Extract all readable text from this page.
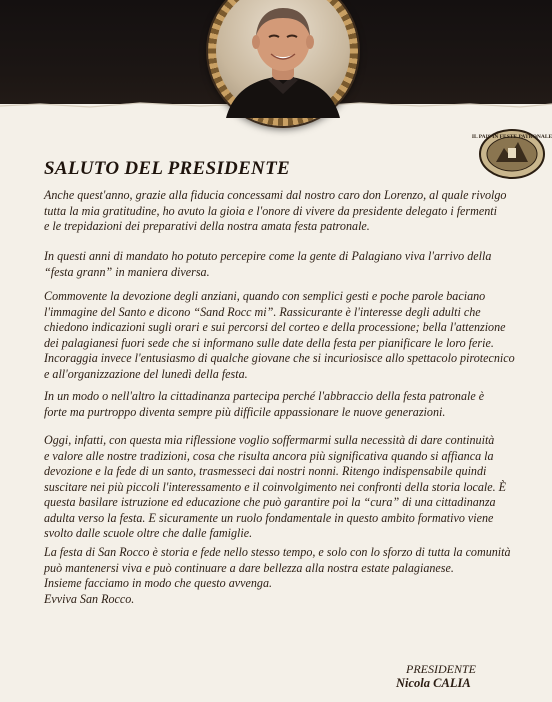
IL PAIS IN FESTE PATRONALE
SALUTO DEL PRESIDENTE

Anche quest'anno, grazie alla fiducia concessami dal nostro caro don Lorenzo, al quale rivolgo
tutta la mia gratitudine, ho avuto la gioia e l'onore di vivere da presidente delegato i fermenti
e le trepidazioni dei preparativi della nostra amata festa patronale.

In questi anni di mandato ho potuto percepire come la gente di Palagiano viva l'arrivo della
“festa grann” in maniera diversa.

Commovente la devozione degli anziani, quando con semplici gesti e poche parole baciano
l'immagine del Santo e dicono “Sand Rocc mi”. Rassicurante è l'interesse degli adulti che
chiedono indicazioni sugli orari e sui percorsi del corteo e della processione; bella l'attenzione
dei palagianesi fuori sede che si informano sulle date della festa per pianificare le loro ferie.
Incoraggia invece l'entusiasmo di qualche giovane che si incuriosisce allo spettacolo pirotecnico
e all'organizzazione del lunedì della festa.

In un modo o nell'altro la cittadinanza partecipa perché l'abbraccio della festa patronale è
forte ma purtroppo diventa sempre più difficile appassionare le nuove generazioni.

Oggi, infatti, con questa mia riflessione voglio soffermarmi sulla necessità di dare continuità
e valore alle nostre tradizioni, cosa che risulta ancora più significativa quando si affianca la
devozione e la fede di un santo, trasmesseci dai nostri nonni. Ritengo indispensabile quindi
suscitare nei più piccoli l'interessamento e il coinvolgimento nei confronti della storia locale. È
questa basilare istruzione ed educazione che può garantire poi la “cura” di una cittadinanza
adulta verso la festa. E sicuramente un ruolo fondamentale in questo ambito formativo viene
svolto dalle scuole oltre che dalle famiglie.

La festa di San Rocco è storia e fede nello stesso tempo, e solo con lo sforzo di tutta la comunità
può mantenersi viva e può continuare a dare bellezza alla nostra estate palagianese.
Insieme facciamo in modo che questo avvenga.
Evviva San Rocco.

PRESIDENTE
Nicola CALIA
